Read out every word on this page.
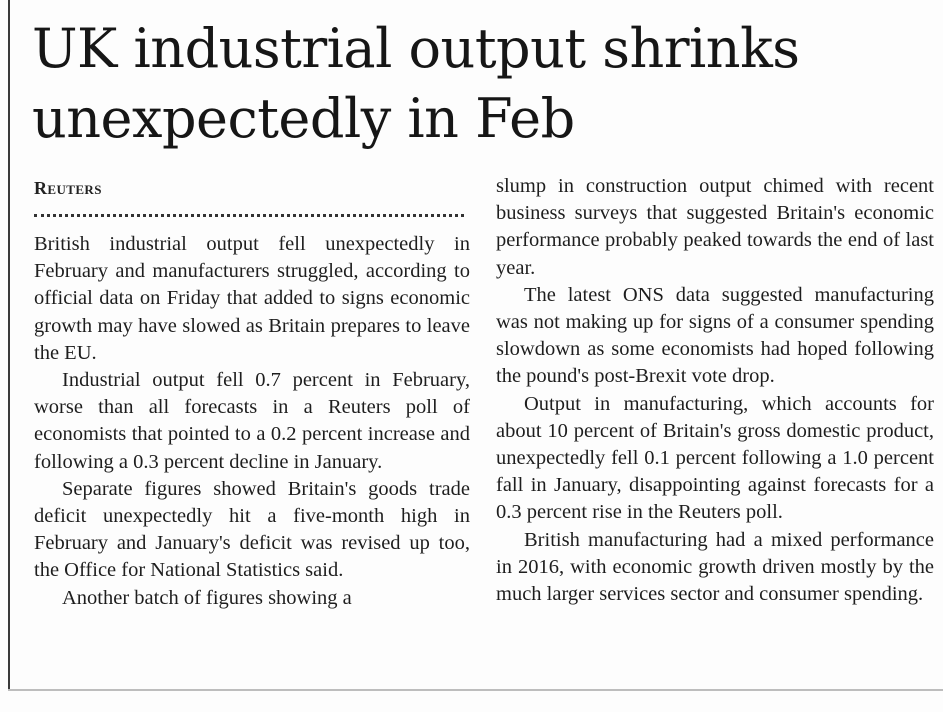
UK industrial output shrinks unexpectedly in Feb
Reuters

British industrial output fell unexpectedly in February and manufacturers struggled, according to official data on Friday that added to signs economic growth may have slowed as Britain prepares to leave the EU.

Industrial output fell 0.7 percent in February, worse than all forecasts in a Reuters poll of economists that pointed to a 0.2 percent increase and following a 0.3 percent decline in January.

Separate figures showed Britain's goods trade deficit unexpectedly hit a five-month high in February and January's deficit was revised up too, the Office for National Statistics said.

Another batch of figures showing a

slump in construction output chimed with recent business surveys that suggested Britain's economic performance probably peaked towards the end of last year.

The latest ONS data suggested manufacturing was not making up for signs of a consumer spending slowdown as some economists had hoped following the pound's post-Brexit vote drop.

Output in manufacturing, which accounts for about 10 percent of Britain's gross domestic product, unexpectedly fell 0.1 percent following a 1.0 percent fall in January, disappointing against forecasts for a 0.3 percent rise in the Reuters poll.

British manufacturing had a mixed performance in 2016, with economic growth driven mostly by the much larger services sector and consumer spending.
